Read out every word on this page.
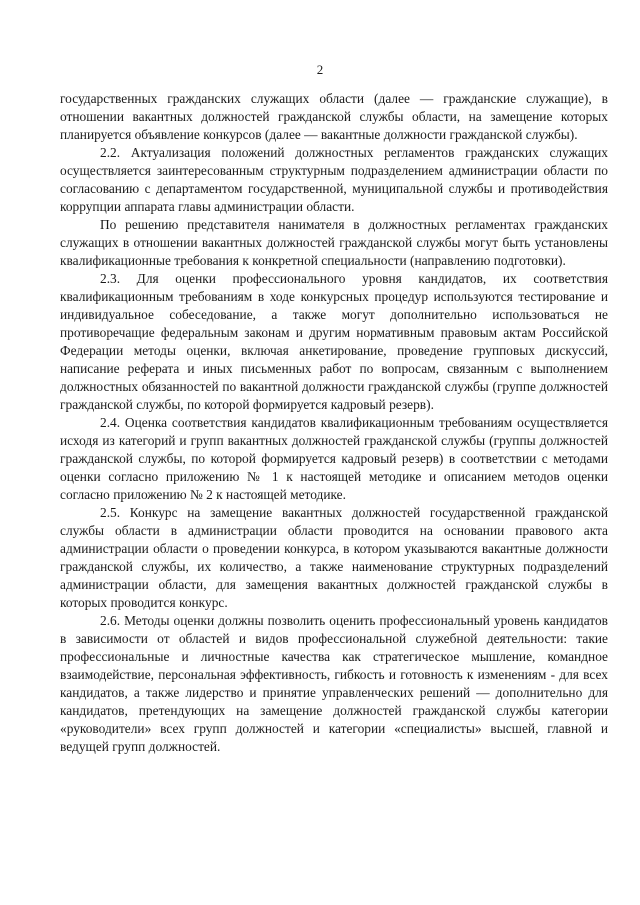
2

государственных гражданских служащих области (далее — гражданские служащие), в отношении вакантных должностей гражданской службы области, на замещение которых планируется объявление конкурсов (далее — вакантные должности гражданской службы).

2.2. Актуализация положений должностных регламентов гражданских служащих осуществляется заинтересованным структурным подразделением администрации области по согласованию с департаментом государственной, муниципальной службы и противодействия коррупции аппарата главы администрации области.

По решению представителя нанимателя в должностных регламентах гражданских служащих в отношении вакантных должностей гражданской службы могут быть установлены квалификационные требования к конкретной специальности (направлению подготовки).

2.3. Для оценки профессионального уровня кандидатов, их соответствия квалификационным требованиям в ходе конкурсных процедур используются тестирование и индивидуальное собеседование, а также могут дополнительно использоваться не противоречащие федеральным законам и другим нормативным правовым актам Российской Федерации методы оценки, включая анкетирование, проведение групповых дискуссий, написание реферата и иных письменных работ по вопросам, связанным с выполнением должностных обязанностей по вакантной должности гражданской службы (группе должностей гражданской службы, по которой формируется кадровый резерв).

2.4. Оценка соответствия кандидатов квалификационным требованиям осуществляется исходя из категорий и групп вакантных должностей гражданской службы (группы должностей гражданской службы, по которой формируется кадровый резерв) в соответствии с методами оценки согласно приложению № 1 к настоящей методике и описанием методов оценки согласно приложению № 2 к настоящей методике.

2.5. Конкурс на замещение вакантных должностей государственной гражданской службы области в администрации области проводится на основании правового акта администрации области о проведении конкурса, в котором указываются вакантные должности гражданской службы, их количество, а также наименование структурных подразделений администрации области, для замещения вакантных должностей гражданской службы в которых проводится конкурс.

2.6. Методы оценки должны позволить оценить профессиональный уровень кандидатов в зависимости от областей и видов профессиональной служебной деятельности: такие профессиональные и личностные качества как стратегическое мышление, командное взаимодействие, персональная эффективность, гибкость и готовность к изменениям - для всех кандидатов, а также лидерство и принятие управленческих решений — дополнительно для кандидатов, претендующих на замещение должностей гражданской службы категории «руководители» всех групп должностей и категории «специалисты» высшей, главной и ведущей групп должностей.
